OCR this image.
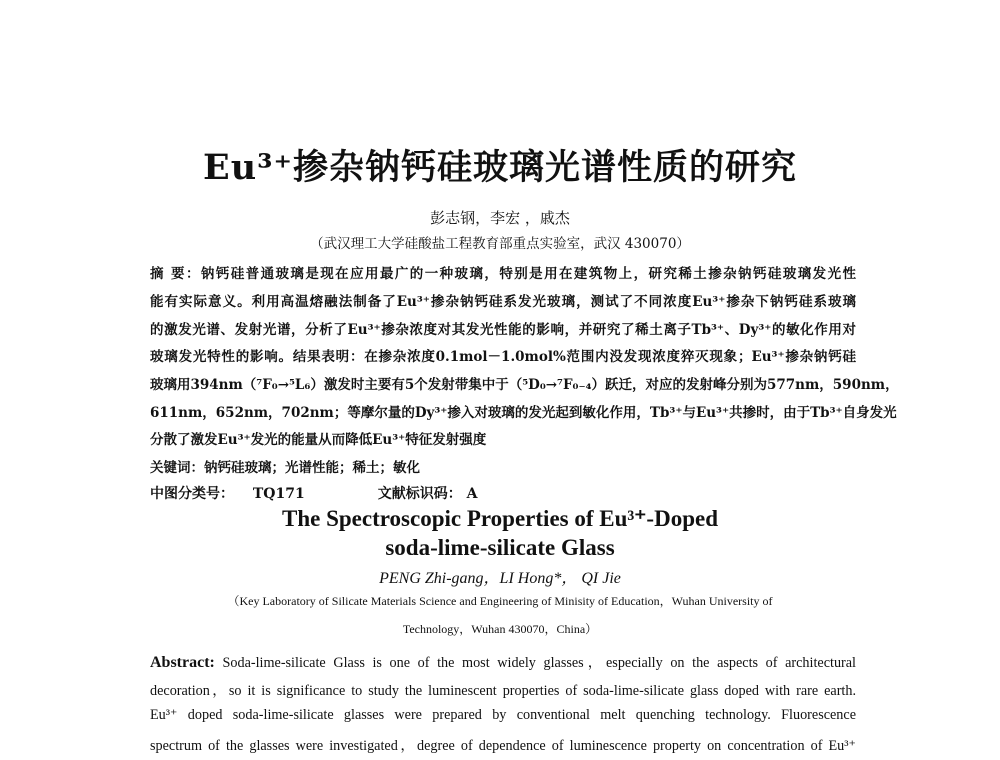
Eu³⁺掺杂钠钙硅玻璃光谱性质的研究
彭志钢，李宏 ，戚杰
（武汉理工大学硅酸盐工程教育部重点实验室，武汉 430070）
摘 要：钠钙硅普通玻璃是现在应用最广的一种玻璃，特别是用在建筑物上，研究稀土掺杂钠钙硅玻璃发光性
能有实际意义。利用高温熔融法制备了Eu³⁺掺杂钠钙硅系发光玻璃，测试了不同浓度Eu³⁺掺杂下钠钙硅系玻璃
的激发光谱、发射光谱，分析了Eu³⁺掺杂浓度对其发光性能的影响，并研究了稀土离子Tb³⁺、Dy³⁺的敏化作用对
玻璃发光特性的影响。结果表明：在掺杂浓度0.1mol－1.0mol%范围内没发现浓度猝灭现象；Eu³⁺掺杂钠钙硅
玻璃用394nm（⁷F₀→⁵L₆）激发时主要有5个发射带集中于（⁵D₀→⁷F₀₋₄）跃迁，对应的发射峰分别为577nm，590nm，
611nm，652nm，702nm；等摩尔量的Dy³⁺掺入对玻璃的发光起到敏化作用，Tb³⁺与Eu³⁺共掺时，由于Tb³⁺自身发光
分散了激发Eu³⁺发光的能量从而降低Eu³⁺特征发射强度
关键词：钠钙硅玻璃；光谱性能；稀土；敏化
中图分类号： TQ171	文献标识码： A
The Spectroscopic Properties of Eu³⁺-Doped
soda-lime-silicate Glass
PENG Zhi-gang，LI Hong*， QI Jie
（Key Laboratory of Silicate Materials Science and Engineering of Minisity of Education，Wuhan University of
Technology，Wuhan 430070，China）
Abstract: Soda-lime-silicate Glass is one of the most widely glasses，especially on the aspects of architectural
decoration，so it is significance to study the luminescent properties of soda-lime-silicate glass doped with rare earth.
Eu³⁺ doped soda-lime-silicate glasses were prepared by conventional melt quenching technology. Fluorescence
spectrum of the glasses were investigated，degree of dependence of luminescence property on concentration of Eu³⁺
